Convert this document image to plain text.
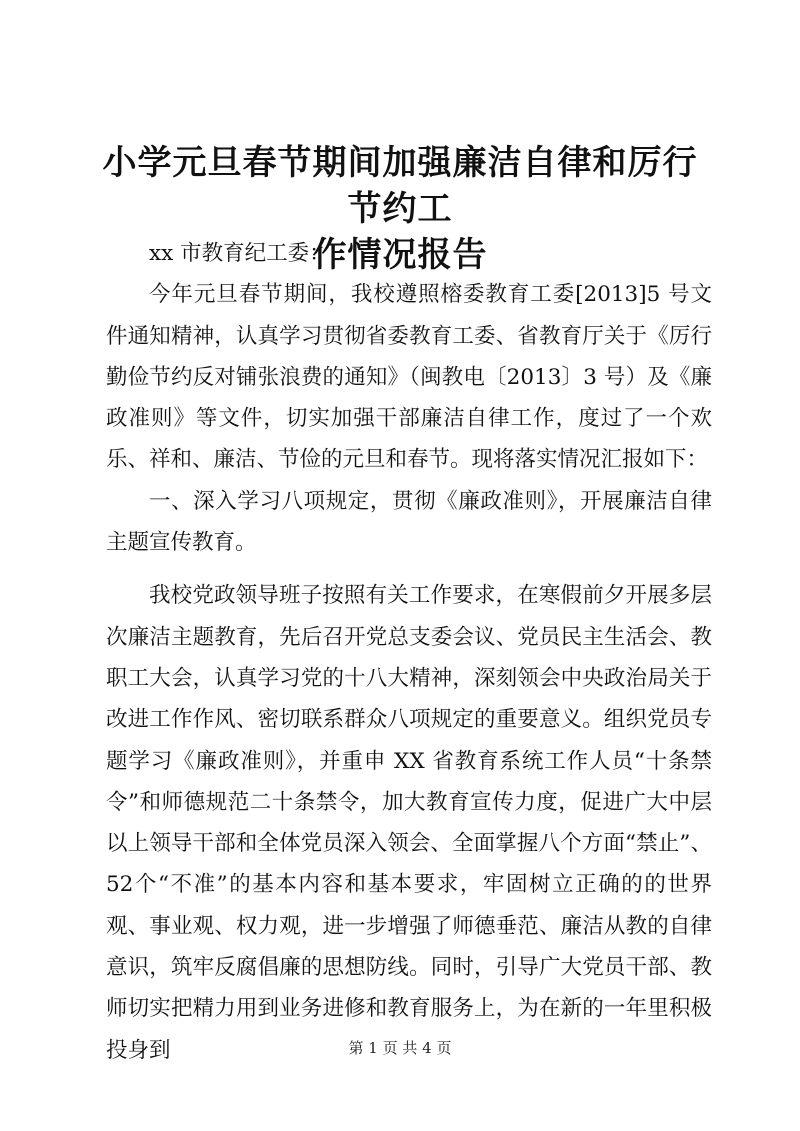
小学元旦春节期间加强廉洁自律和厉行节约工
作情况报告

xx 市教育纪工委：

今年元旦春节期间，我校遵照榕委教育工委[2013]5 号文件通知精神，认真学习贯彻省委教育工委、省教育厅关于《厉行勤俭节约反对铺张浪费的通知》（闽教电〔2013〕3 号）及《廉政准则》等文件，切实加强干部廉洁自律工作，度过了一个欢乐、祥和、廉洁、节俭的元旦和春节。现将落实情况汇报如下：

一、深入学习八项规定，贯彻《廉政准则》，开展廉洁自律主题宣传教育。

我校党政领导班子按照有关工作要求，在寒假前夕开展多层次廉洁主题教育，先后召开党总支委会议、党员民主生活会、教职工大会，认真学习党的十八大精神，深刻领会中央政治局关于改进工作作风、密切联系群众八项规定的重要意义。组织党员专题学习《廉政准则》，并重申 XX 省教育系统工作人员“十条禁令”和师德规范二十条禁令，加大教育宣传力度，促进广大中层以上领导干部和全体党员深入领会、全面掌握八个方面“禁止”、52个“不准”的基本内容和基本要求，牢固树立正确的的世界观、事业观、权力观，进一步增强了师德垂范、廉洁从教的自律意识，筑牢反腐倡廉的思想防线。同时，引导广大党员干部、教师切实把精力用到业务进修和教育服务上，为在新的一年里积极投身到	第 1 页 共 4 页
